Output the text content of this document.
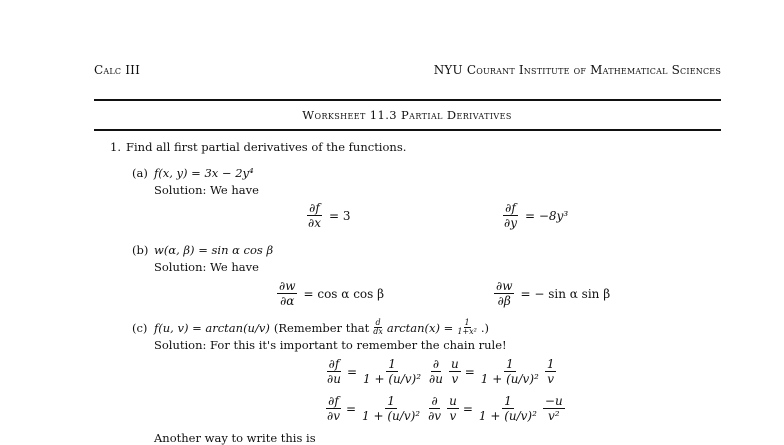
Calc III	NYU Courant Institute of Mathematical Sciences
Worksheet 11.3 Partial Derivatives
1. Find all first partial derivatives of the functions.
(a) f(x, y) = 3x − 2y⁴
Solution: We have
$\frac{\partial f}{\partial x} = 3$	$\frac{\partial f}{\partial y} = -8y^3$
(b) w(α, β) = sin α cos β
Solution: We have
$\frac{\partial w}{\partial\alpha} = \cos \alpha$ cos β	$\frac{\partial w}{\partial\beta}$ = − sin α sin β
(c) f(u, v) = arctan(u/v) (Remember that $\frac{d}{dx} \arctan(x) = \frac{1}{\text{1+x²}}$ .)
Solution: For this it's important to remember the chain rule!
$\frac{\partial f}{\partial u} = \frac{1}{\text{1 + (u/v)²}} \frac{\partial}{\partial u} \frac{u}{v} = \frac{1}{\text{1 + (u/v)²}} \frac{1}{v}$
$\frac{\partial f}{\partial v} = \frac{1}{\text{1 + (u/v)²}} \frac{\partial}{\partial v} \frac{u}{v} = \frac{1}{\text{1 + (u/v)²}} \frac{-u}{\text{v²}}$
Another way to write this is
